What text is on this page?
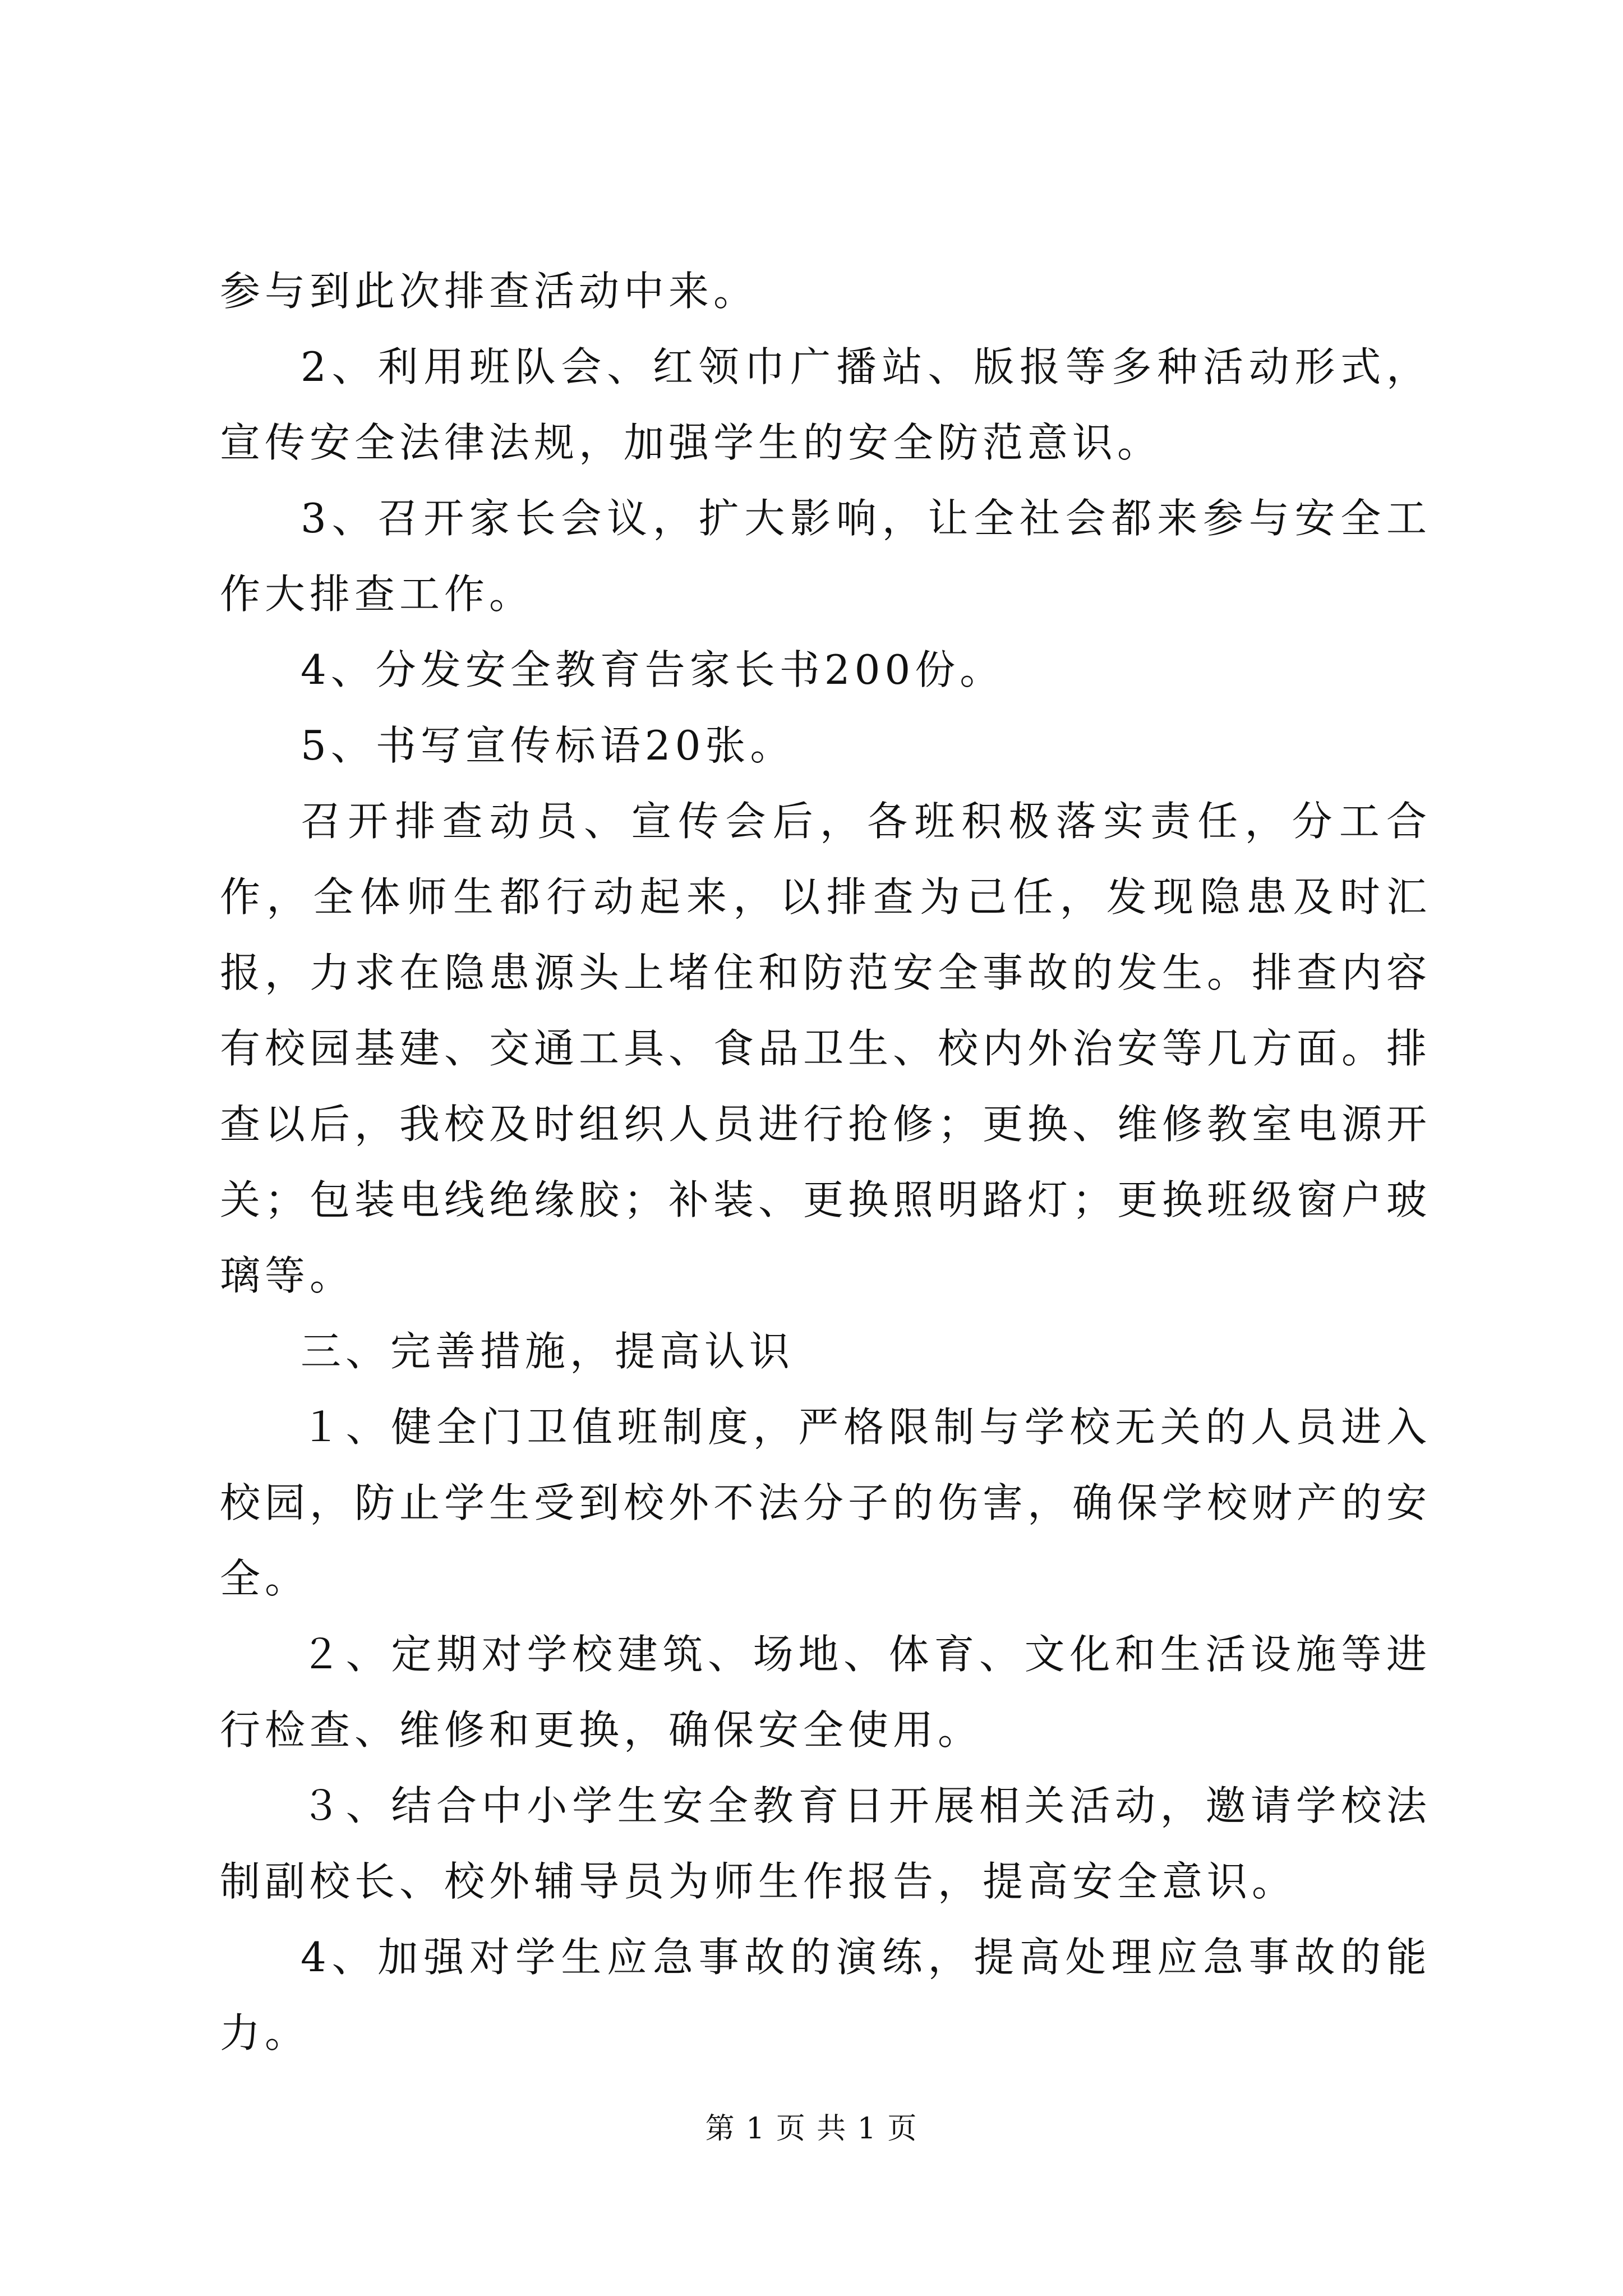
参与到此次排查活动中来。

2、利用班队会、红领巾广播站、版报等多种活动形式，宣传安全法律法规，加强学生的安全防范意识。

3、召开家长会议，扩大影响，让全社会都来参与安全工作大排查工作。

4、分发安全教育告家长书200份。

5、书写宣传标语20张。

召开排查动员、宣传会后，各班积极落实责任，分工合作，全体师生都行动起来，以排查为己任，发现隐患及时汇报，力求在隐患源头上堵住和防范安全事故的发生。排查内容有校园基建、交通工具、食品卫生、校内外治安等几方面。排查以后，我校及时组织人员进行抢修；更换、维修教室电源开关；包装电线绝缘胶；补装、更换照明路灯；更换班级窗户玻璃等。

三、完善措施，提高认识

１、健全门卫值班制度，严格限制与学校无关的人员进入校园，防止学生受到校外不法分子的伤害，确保学校财产的安全。

２、定期对学校建筑、场地、体育、文化和生活设施等进行检查、维修和更换，确保安全使用。

３、结合中小学生安全教育日开展相关活动，邀请学校法制副校长、校外辅导员为师生作报告，提高安全意识。

4、加强对学生应急事故的演练，提高处理应急事故的能力。

第 1 页 共 1 页
